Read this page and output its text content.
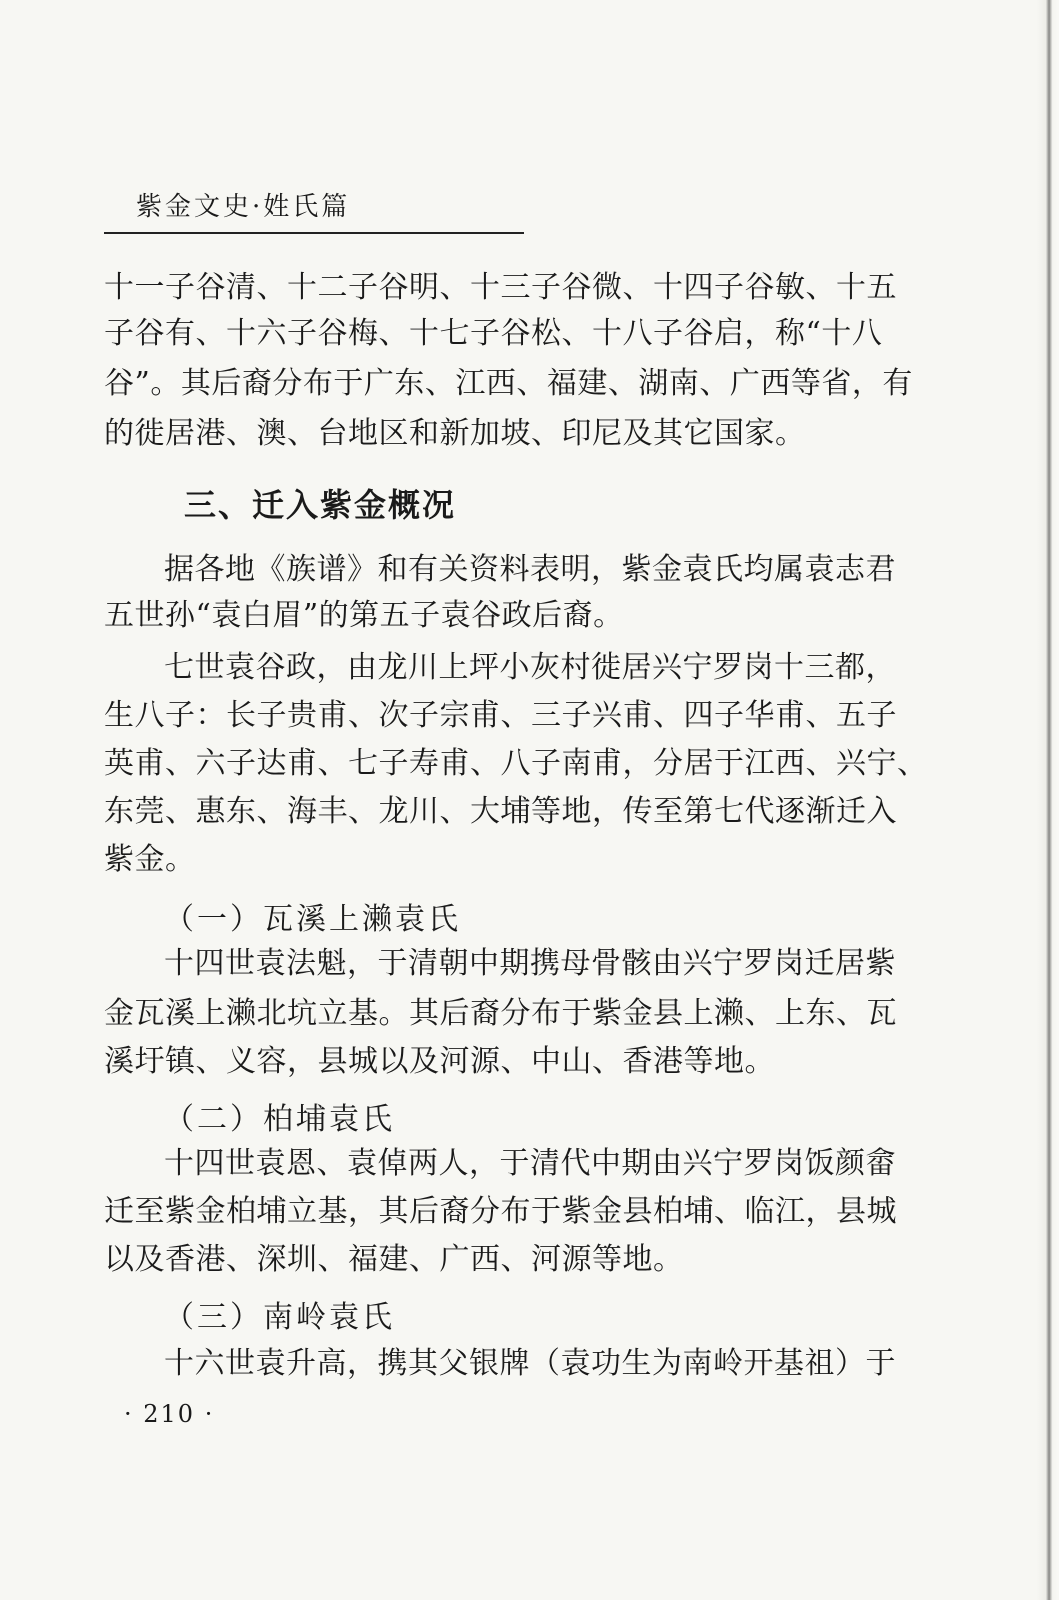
紫金文史·姓氏篇
十一子谷清、十二子谷明、十三子谷微、十四子谷敏、十五
子谷有、十六子谷梅、十七子谷松、十八子谷启，称“十八
谷”。其后裔分布于广东、江西、福建、湖南、广西等省，有
的徙居港、澳、台地区和新加坡、印尼及其它国家。
三、迁入紫金概况
据各地《族谱》和有关资料表明，紫金袁氏均属袁志君
五世孙“袁白眉”的第五子袁谷政后裔。
七世袁谷政，由龙川上坪小灰村徙居兴宁罗岗十三都，
生八子：长子贵甫、次子宗甫、三子兴甫、四子华甫、五子
英甫、六子达甫、七子寿甫、八子南甫，分居于江西、兴宁、
东莞、惠东、海丰、龙川、大埔等地，传至第七代逐渐迁入
紫金。
（一）瓦溪上濑袁氏
十四世袁法魁，于清朝中期携母骨骸由兴宁罗岗迁居紫
金瓦溪上濑北坑立基。其后裔分布于紫金县上濑、上东、瓦
溪圩镇、义容，县城以及河源、中山、香港等地。
（二）柏埔袁氏
十四世袁恩、袁倬两人，于清代中期由兴宁罗岗饭颜畲
迁至紫金柏埔立基，其后裔分布于紫金县柏埔、临江，县城
以及香港、深圳、福建、广西、河源等地。
（三）南岭袁氏
十六世袁升高，携其父银牌（袁功生为南岭开基祖）于
· 210 ·
